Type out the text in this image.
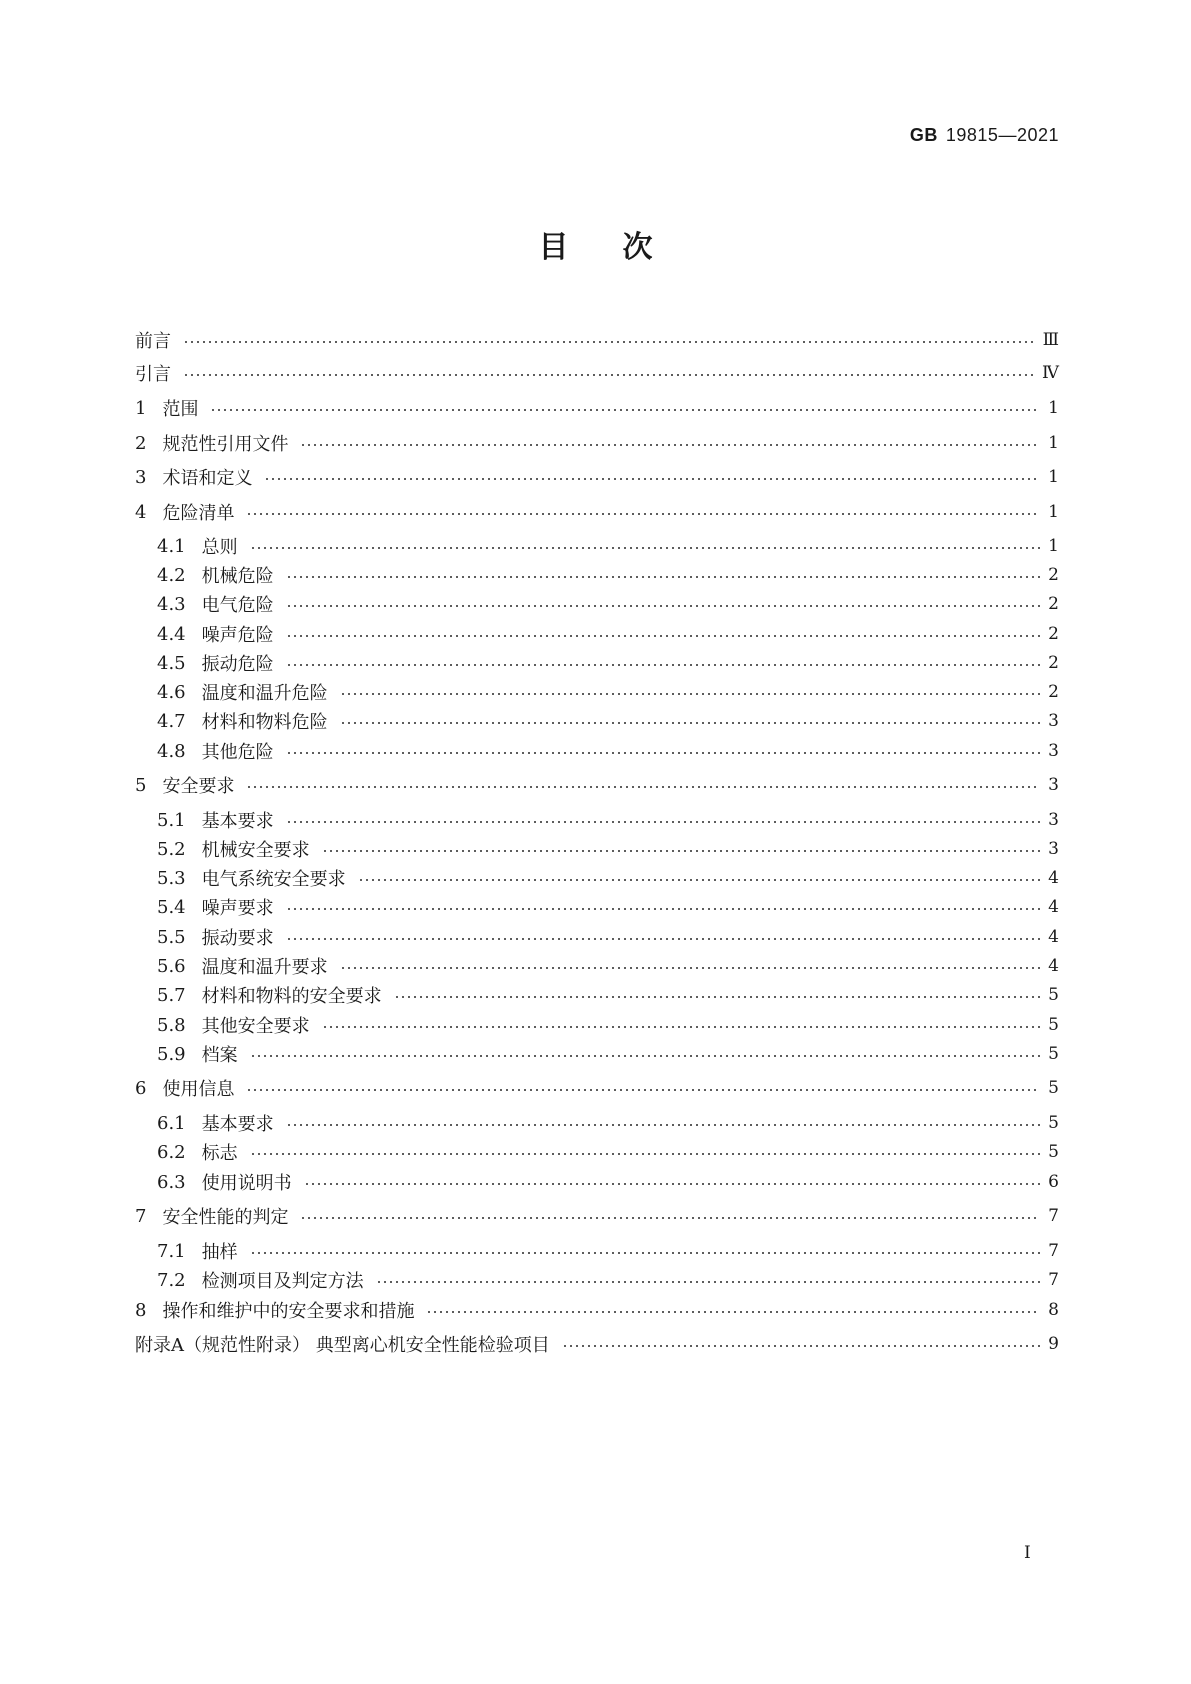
GB 19815—2021
目次
前言	Ⅲ
引言	Ⅳ
1 范围	1
2 规范性引用文件	1
3 术语和定义	1
4 危险清单	1
4.1 总则	1
4.2 机械危险	2
4.3 电气危险	2
4.4 噪声危险	2
4.5 振动危险	2
4.6 温度和温升危险	2
4.7 材料和物料危险	3
4.8 其他危险	3
5 安全要求	3
5.1 基本要求	3
5.2 机械安全要求	3
5.3 电气系统安全要求	4
5.4 噪声要求	4
5.5 振动要求	4
5.6 温度和温升要求	4
5.7 材料和物料的安全要求	5
5.8 其他安全要求	5
5.9 档案	5
6 使用信息	5
6.1 基本要求	5
6.2 标志	5
6.3 使用说明书	6
7 安全性能的判定	7
7.1 抽样	7
7.2 检测项目及判定方法	7
8 操作和维护中的安全要求和措施	8
附录A（规范性附录） 典型离心机安全性能检验项目	9
I
